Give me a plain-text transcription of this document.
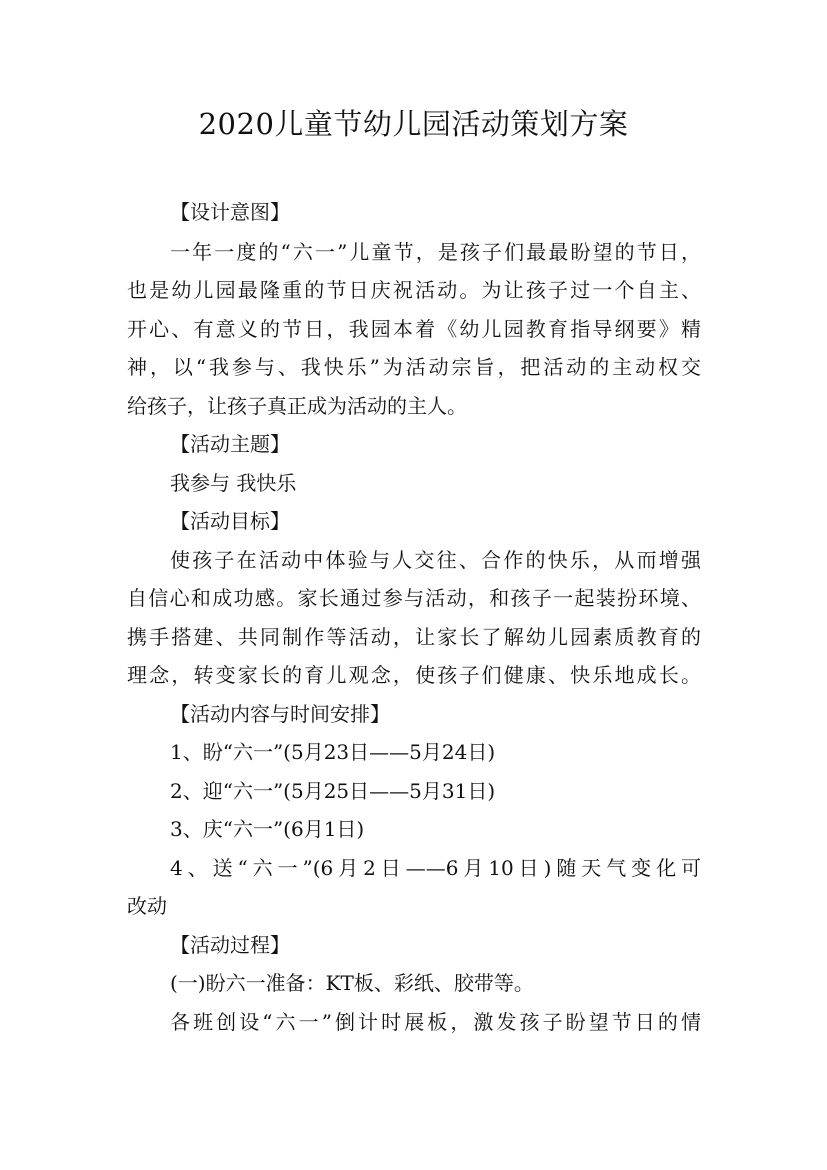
2020儿童节幼儿园活动策划方案
【设计意图】
一年一度的“六一”儿童节，是孩子们最最盼望的节日，
也是幼儿园最隆重的节日庆祝活动。为让孩子过一个自主、
开心、有意义的节日，我园本着《幼儿园教育指导纲要》精
神，以“我参与、我快乐”为活动宗旨，把活动的主动权交
给孩子，让孩子真正成为活动的主人。
【活动主题】
我参与 我快乐
【活动目标】
使孩子在活动中体验与人交往、合作的快乐，从而增强
自信心和成功感。家长通过参与活动，和孩子一起装扮环境、
携手搭建、共同制作等活动，让家长了解幼儿园素质教育的
理念，转变家长的育儿观念，使孩子们健康、快乐地成长。
【活动内容与时间安排】
1、盼“六一”(5月23日——5月24日)
2、迎“六一”(5月25日——5月31日)
3、庆“六一”(6月1日)
4、送“六一”(6月2日——6月10日)随天气变化可
改动
【活动过程】
(一)盼六一准备：KT板、彩纸、胶带等。
各班创设“六一”倒计时展板，激发孩子盼望节日的情
